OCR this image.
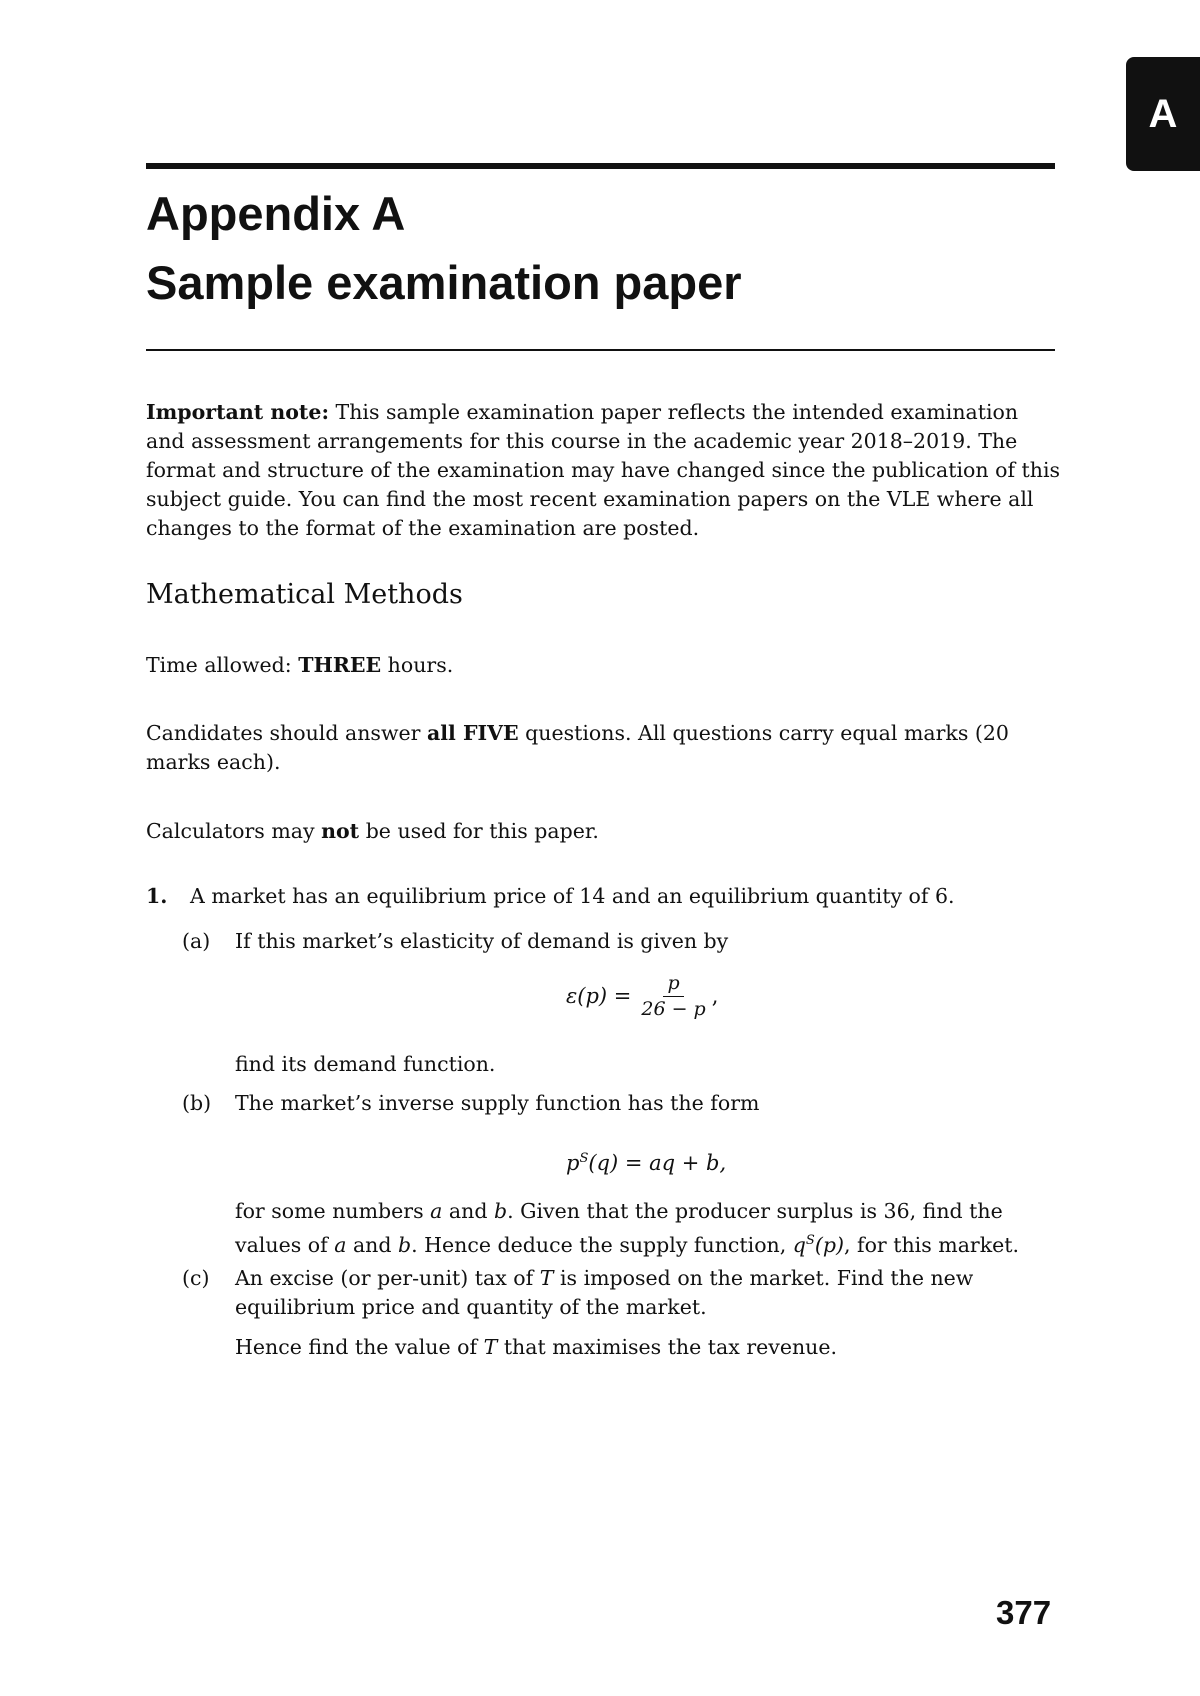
A
Appendix A
Sample examination paper
Important note: This sample examination paper reflects the intended examination and assessment arrangements for this course in the academic year 2018–2019. The format and structure of the examination may have changed since the publication of this subject guide. You can find the most recent examination papers on the VLE where all changes to the format of the examination are posted.
Mathematical Methods
Time allowed: THREE hours.
Candidates should answer all FIVE questions. All questions carry equal marks (20 marks each).
Calculators may not be used for this paper.
1. A market has an equilibrium price of 14 and an equilibrium quantity of 6.
(a) If this market’s elasticity of demand is given by
$\varepsilon(p) = \frac{p}{26 - p}$ ,
find its demand function.
(b) The market’s inverse supply function has the form
$p^S(q)$ = aq + b,
for some numbers a and b. Given that the producer surplus is 36, find the values of a and b. Hence deduce the supply function, $q^S(p)$, for this market.
(c) An excise (or per-unit) tax of T is imposed on the market. Find the new equilibrium price and quantity of the market.
Hence find the value of T that maximises the tax revenue.
377
